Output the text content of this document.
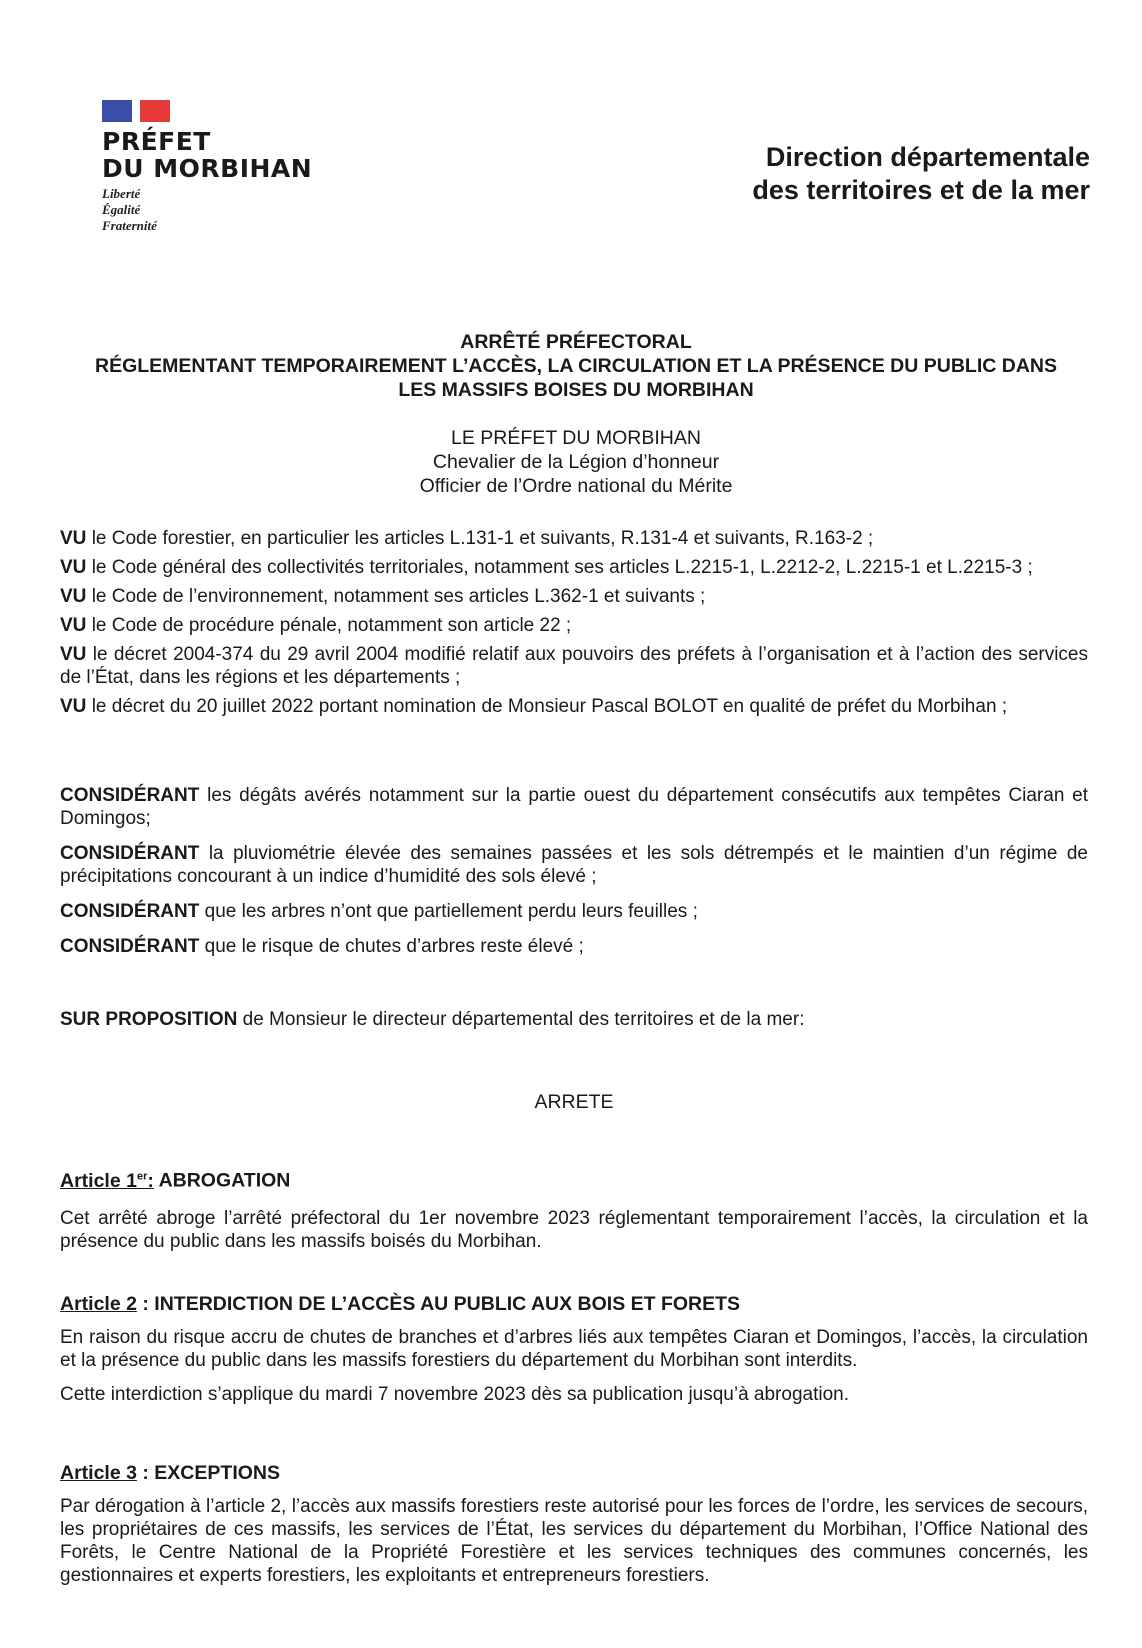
PRÉFET
DU MORBIHAN
Liberté
Égalité
Fraternité
Direction départementale
des territoires et de la mer
ARRÊTÉ PRÉFECTORAL
RÉGLEMENTANT TEMPORAIREMENT L’ACCÈS, LA CIRCULATION ET LA PRÉSENCE DU PUBLIC DANS
LES MASSIFS BOISES DU MORBIHAN
LE PRÉFET DU MORBIHAN
Chevalier de la Légion d’honneur
Officier de l’Ordre national du Mérite

VU le Code forestier, en particulier les articles L.131-1 et suivants, R.131-4 et suivants, R.163-2 ;

VU le Code général des collectivités territoriales, notamment ses articles L.2215-1, L.2212-2, L.2215-1 et L.2215-3 ;

VU le Code de l’environnement, notamment ses articles L.362-1 et suivants ;

VU le Code de procédure pénale, notamment son article 22 ;

VU le décret 2004-374 du 29 avril 2004 modifié relatif aux pouvoirs des préfets à l’organisation et à l’action des services de l’État, dans les régions et les départements ;

VU le décret du 20 juillet 2022 portant nomination de Monsieur Pascal BOLOT en qualité de préfet du Morbihan ;

CONSIDÉRANT les dégâts avérés notamment sur la partie ouest du département consécutifs aux tempêtes Ciaran et Domingos;

CONSIDÉRANT la pluviométrie élevée des semaines passées et les sols détrempés et le maintien d’un régime de précipitations concourant à un indice d’humidité des sols élevé ;

CONSIDÉRANT que les arbres n’ont que partiellement perdu leurs feuilles ;

CONSIDÉRANT que le risque de chutes d’arbres reste élevé ;

SUR PROPOSITION de Monsieur le directeur départemental des territoires et de la mer:

ARRETE
Article 1er: ABROGATION

Cet arrêté abroge l’arrêté préfectoral du 1er novembre 2023 réglementant temporairement l’accès, la circulation et la présence du public dans les massifs boisés du Morbihan.

Article 2 : INTERDICTION DE L’ACCÈS AU PUBLIC AUX BOIS ET FORETS

En raison du risque accru de chutes de branches et d’arbres liés aux tempêtes Ciaran et Domingos, l’accès, la circulation et la présence du public dans les massifs forestiers du département du Morbihan sont interdits.

Cette interdiction s’applique du mardi 7 novembre 2023 dès sa publication jusqu’à abrogation.

Article 3 : EXCEPTIONS

Par dérogation à l’article 2, l’accès aux massifs forestiers reste autorisé pour les forces de l’ordre, les services de secours, les propriétaires de ces massifs, les services de l’État, les services du département du Morbihan, l’Office National des Forêts, le Centre National de la Propriété Forestière et les services techniques des communes concernés, les gestionnaires et experts forestiers, les exploitants et entrepreneurs forestiers.
